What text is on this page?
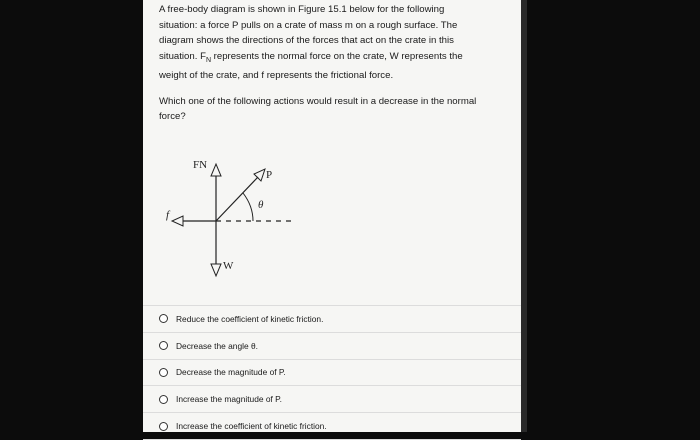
A free-body diagram is shown in Figure 15.1 below for the following
situation: a force P pulls on a crate of mass m on a rough surface. The
diagram shows the directions of the forces that act on the crate in this
situation. $F_N$ represents the normal force on the crate, W represents the
weight of the crate, and f represents the frictional force.

Which one of the following actions would result in a decrease in the normal
force?

FN
P
θ
f
W
Reduce the coefficient of kinetic friction.
Decrease the angle θ.
Decrease the magnitude of P.
Increase the magnitude of P.
Increase the coefficient of kinetic friction.
